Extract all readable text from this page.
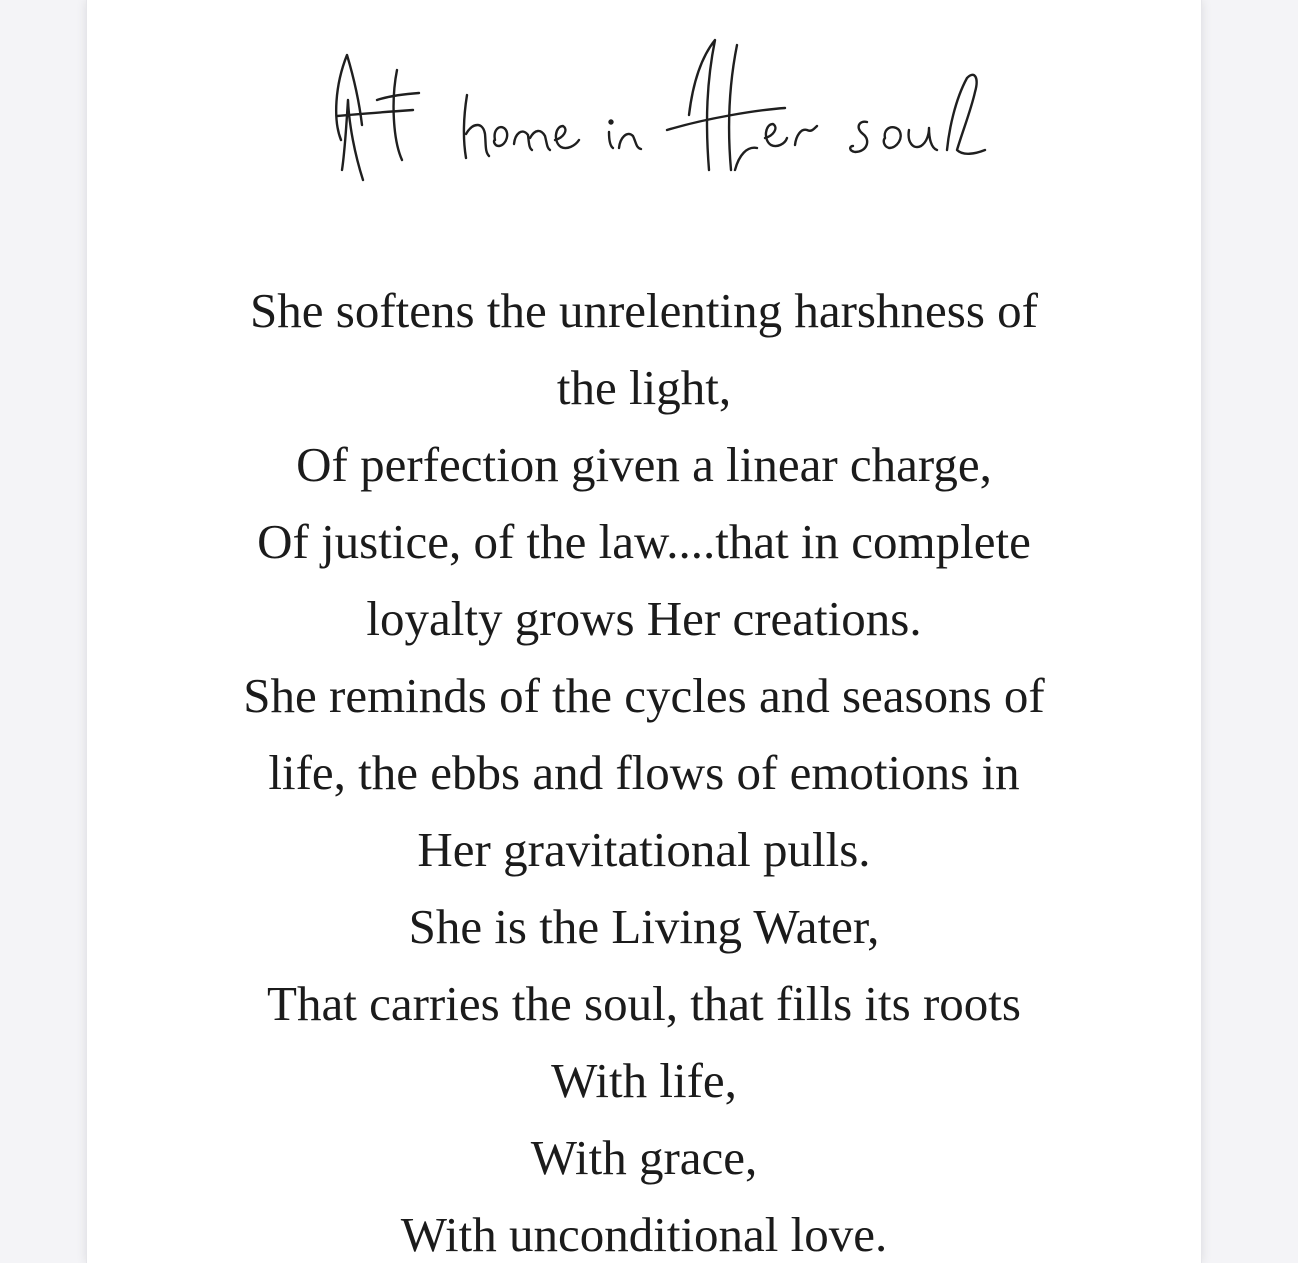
She softens the unrelenting harshness of
the light,
Of perfection given a linear charge,
Of justice, of the law....that in complete
loyalty grows Her creations.
She reminds of the cycles and seasons of
life, the ebbs and flows of emotions in
Her gravitational pulls.
She is the Living Water,
That carries the soul, that fills its roots
With life,
With grace,
With unconditional love.
